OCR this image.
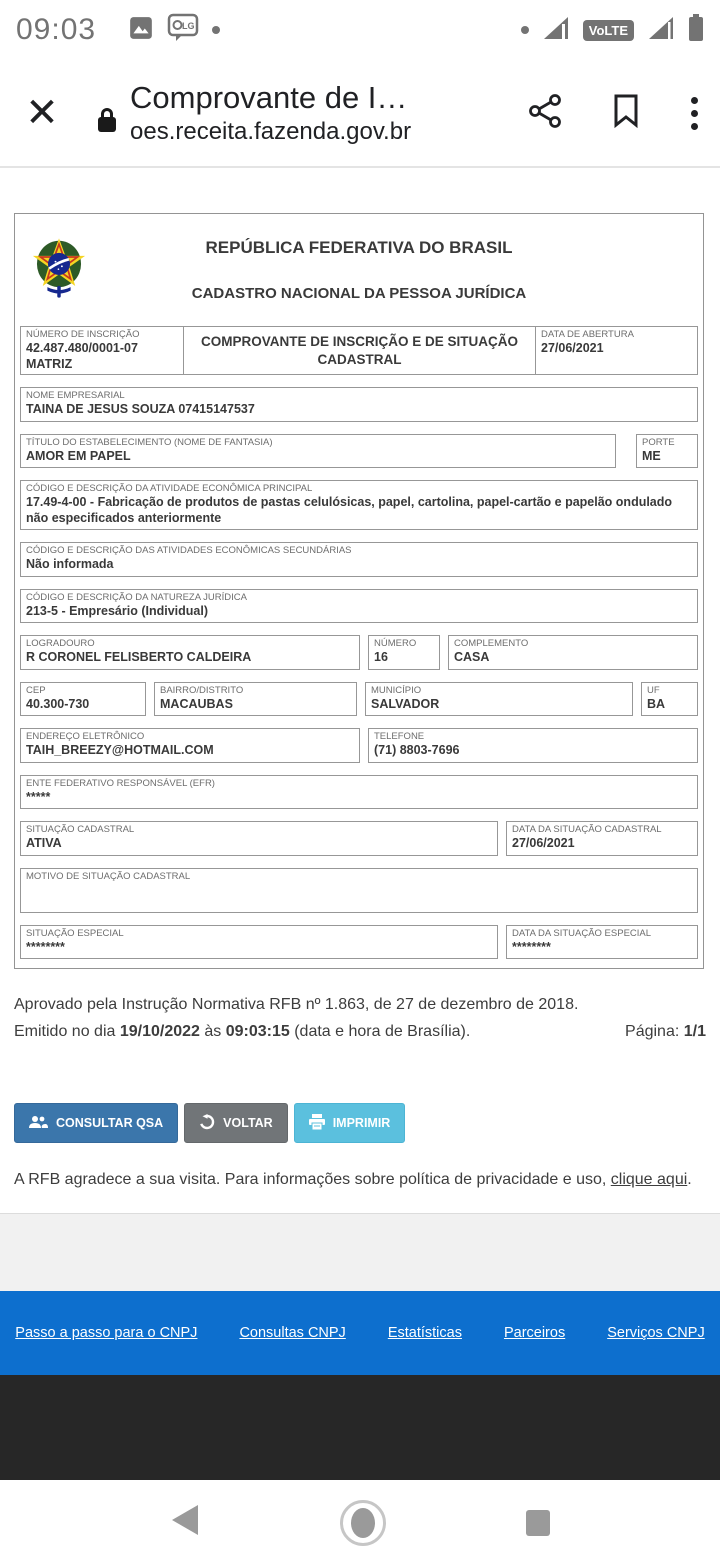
09:03	LG	VoLTE
✕	Comprovante de I…
oes.receita.fazenda.gov.br
REPÚBLICA FEDERATIVA DO BRASIL
CADASTRO NACIONAL DA PESSOA JURÍDICA
NÚMERO DE INSCRIÇÃO
42.487.480/0001-07
MATRIZ
COMPROVANTE DE INSCRIÇÃO E DE SITUAÇÃO CADASTRAL
DATA DE ABERTURA
27/06/2021
NOME EMPRESARIAL
TAINA DE JESUS SOUZA 07415147537
TÍTULO DO ESTABELECIMENTO (NOME DE FANTASIA)
AMOR EM PAPEL
PORTE
ME
CÓDIGO E DESCRIÇÃO DA ATIVIDADE ECONÔMICA PRINCIPAL
17.49-4-00 - Fabricação de produtos de pastas celulósicas, papel, cartolina, papel-cartão e papelão ondulado não especificados anteriormente
CÓDIGO E DESCRIÇÃO DAS ATIVIDADES ECONÔMICAS SECUNDÁRIAS
Não informada
CÓDIGO E DESCRIÇÃO DA NATUREZA JURÍDICA
213-5 - Empresário (Individual)
LOGRADOURO
R CORONEL FELISBERTO CALDEIRA
NÚMERO
16
COMPLEMENTO
CASA
CEP
40.300-730
BAIRRO/DISTRITO
MACAUBAS
MUNICÍPIO
SALVADOR
UF
BA
ENDEREÇO ELETRÔNICO
TAIH_BREEZY@HOTMAIL.COM
TELEFONE
(71) 8803-7696
ENTE FEDERATIVO RESPONSÁVEL (EFR)
*****
SITUAÇÃO CADASTRAL
ATIVA
DATA DA SITUAÇÃO CADASTRAL
27/06/2021
MOTIVO DE SITUAÇÃO CADASTRAL
SITUAÇÃO ESPECIAL
********
DATA DA SITUAÇÃO ESPECIAL
********

Aprovado pela Instrução Normativa RFB nº 1.863, de 27 de dezembro de 2018.

Emitido no dia 19/10/2022 às 09:03:15 (data e hora de Brasília).	Página: 1/1
CONSULTAR QSA	VOLTAR	IMPRIMIR

A RFB agradece a sua visita. Para informações sobre política de privacidade e uso, clique aqui.

Passo a passo para o CNPJ	Consultas CNPJ	Estatísticas	Parceiros	Serviços CNPJ
